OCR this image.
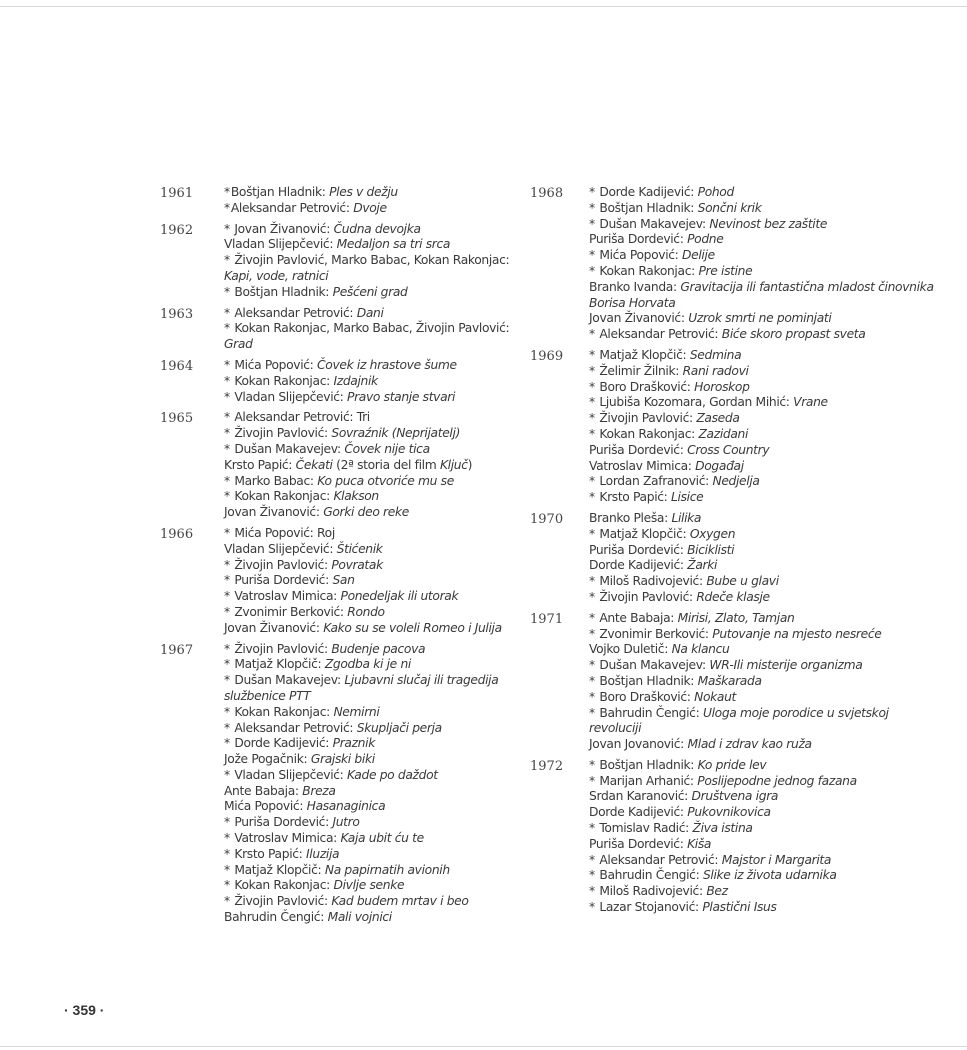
1961	*Boštjan Hladnik: Ples v dežju
*Aleksandar Petrović: Dvoje
1962	* Jovan Živanović: Čudna devojka
Vladan Slijepčević: Medaljon sa tri srca
* Živojin Pavlović, Marko Babac, Kokan Rakonjac: Kapi, vode, ratnici
* Boštjan Hladnik: Pešćeni grad
1963	* Aleksandar Petrović: Dani
* Kokan Rakonjac, Marko Babac, Živojin Pavlović: Grad
1964	* Mića Popović: Čovek iz hrastove šume
* Kokan Rakonjac: Izdajnik
* Vladan Slijepčević: Pravo stanje stvari
1965	* Aleksandar Petrović: Tri
* Živojin Pavlović: Sovraźnik (Neprijatelj)
* Dušan Makavejev: Čovek nije tica
Krsto Papić: Čekati (2ª storia del film Ključ)
* Marko Babac: Ko puca otvoriće mu se
* Kokan Rakonjac: Klakson
Jovan Živanović: Gorki deo reke
1966	* Mića Popović: Roj
Vladan Slijepčević: Štićenik
* Živojin Pavlović: Povratak
* Puriša Dordević: San
* Vatroslav Mimica: Ponedeljak ili utorak
* Zvonimir Berković: Rondo
Jovan Živanović: Kako su se voleli Romeo i Julija
1967	* Živojin Pavlović: Budenje pacova
* Matjaž Klopčič: Zgodba ki je ni
* Dušan Makavejev: Ljubavni slučaj ili tragedija službenice PTT
* Kokan Rakonjac: Nemirni
* Aleksandar Petrović: Skupljači perja
* Dorde Kadijević: Praznik
Jože Pogačnik: Grajski biki
* Vladan Slijepčević: Kade po daždot
Ante Babaja: Breza
Mića Popović: Hasanaginica
* Puriša Dordević: Jutro
* Vatroslav Mimica: Kaja ubit ću te
* Krsto Papić: Iluzija
* Matjaž Klopčič: Na papirnatih avionih
* Kokan Rakonjac: Divlje senke
* Živojin Pavlović: Kad budem mrtav i beo
Bahrudin Čengić: Mali vojnici
1968 * Dorde Kadijević: Pohod
* Boštjan Hladnik: Sončni krik
* Dušan Makavejev: Nevinost bez zaštite
Puriša Dordević: Podne
* Mića Popović: Delije
* Kokan Rakonjac: Pre istine
Branko Ivanda: Gravitacija ili fantastična mladost činovnika Borisa Horvata
Jovan Živanović: Uzrok smrti ne pominjati
* Aleksandar Petrović: Biće skoro propast sveta
1969 * Matjaž Klopčič: Sedmina
* Želimir Žilnik: Rani radovi
* Boro Drašković: Horoskop
* Ljubiša Kozomara, Gordan Mihić: Vrane
* Živojin Pavlović: Zaseda
* Kokan Rakonjac: Zazidani
Puriša Dordević: Cross Country
Vatroslav Mimica: Događaj
* Lordan Zafranović: Nedjelja
* Krsto Papić: Lisice
1970 Branko Pleša: Lilika
* Matjaž Klopčič: Oxygen
Puriša Dordević: Biciklisti
Dorde Kadijević: Žarki
* Miloš Radivojević: Bube u glavi
* Živojin Pavlović: Rdeče klasje
1971 * Ante Babaja: Mirisi, Zlato, Tamjan
* Zvonimir Berković: Putovanje na mjesto nesreće
Vojko Duletič: Na klancu
* Dušan Makavejev: WR-Ili misterije organizma
* Boštjan Hladnik: Maškarada
* Boro Drašković: Nokaut
* Bahrudin Čengić: Uloga moje porodice u svjetskoj revoluciji
Jovan Jovanović: Mlad i zdrav kao ruža
1972 * Boštjan Hladnik: Ko pride lev
* Marijan Arhanić: Poslijepodne jednog fazana
Srdan Karanović: Društvena igra
Dorde Kadijević: Pukovnikovica
* Tomislav Radić: Živa istina
Puriša Dordević: Kiša
* Aleksandar Petrović: Majstor i Margarita
* Bahrudin Čengić: Slike iz života udarnika
* Miloš Radivojević: Bez
* Lazar Stojanović: Plastični Isus
· 359 ·
